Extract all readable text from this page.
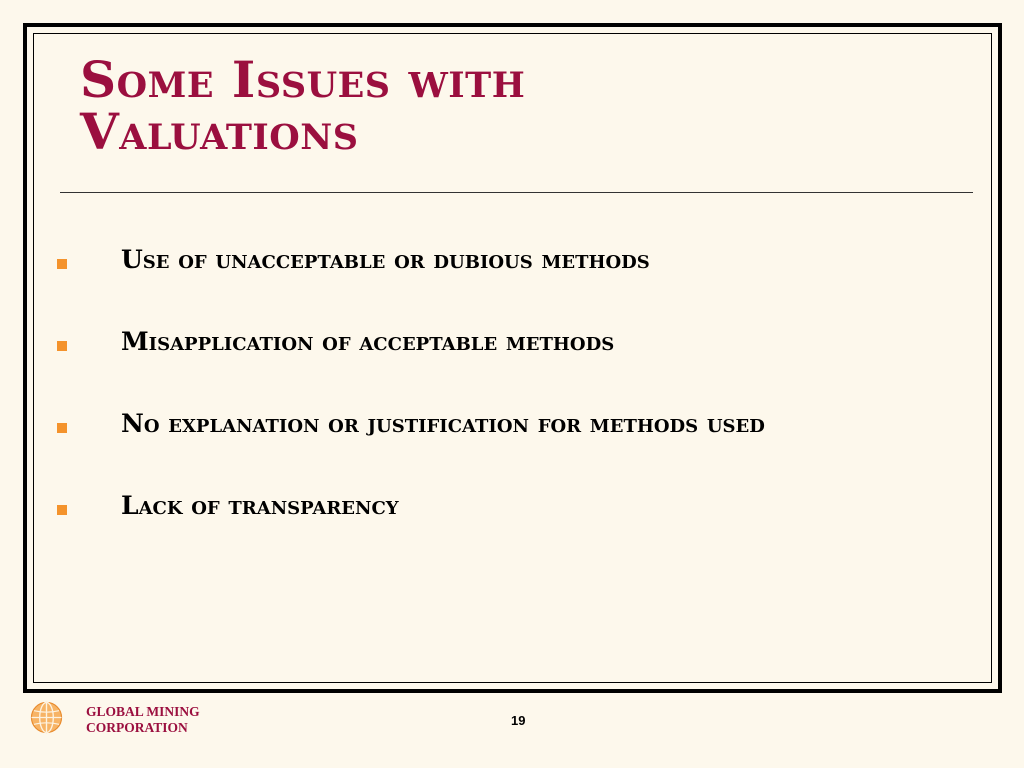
Some Issues with Valuations
Use of unacceptable or dubious methods
Misapplication of acceptable methods
No explanation or justification for methods used
Lack of transparency
GLOBAL MINING
CORPORATION	19
